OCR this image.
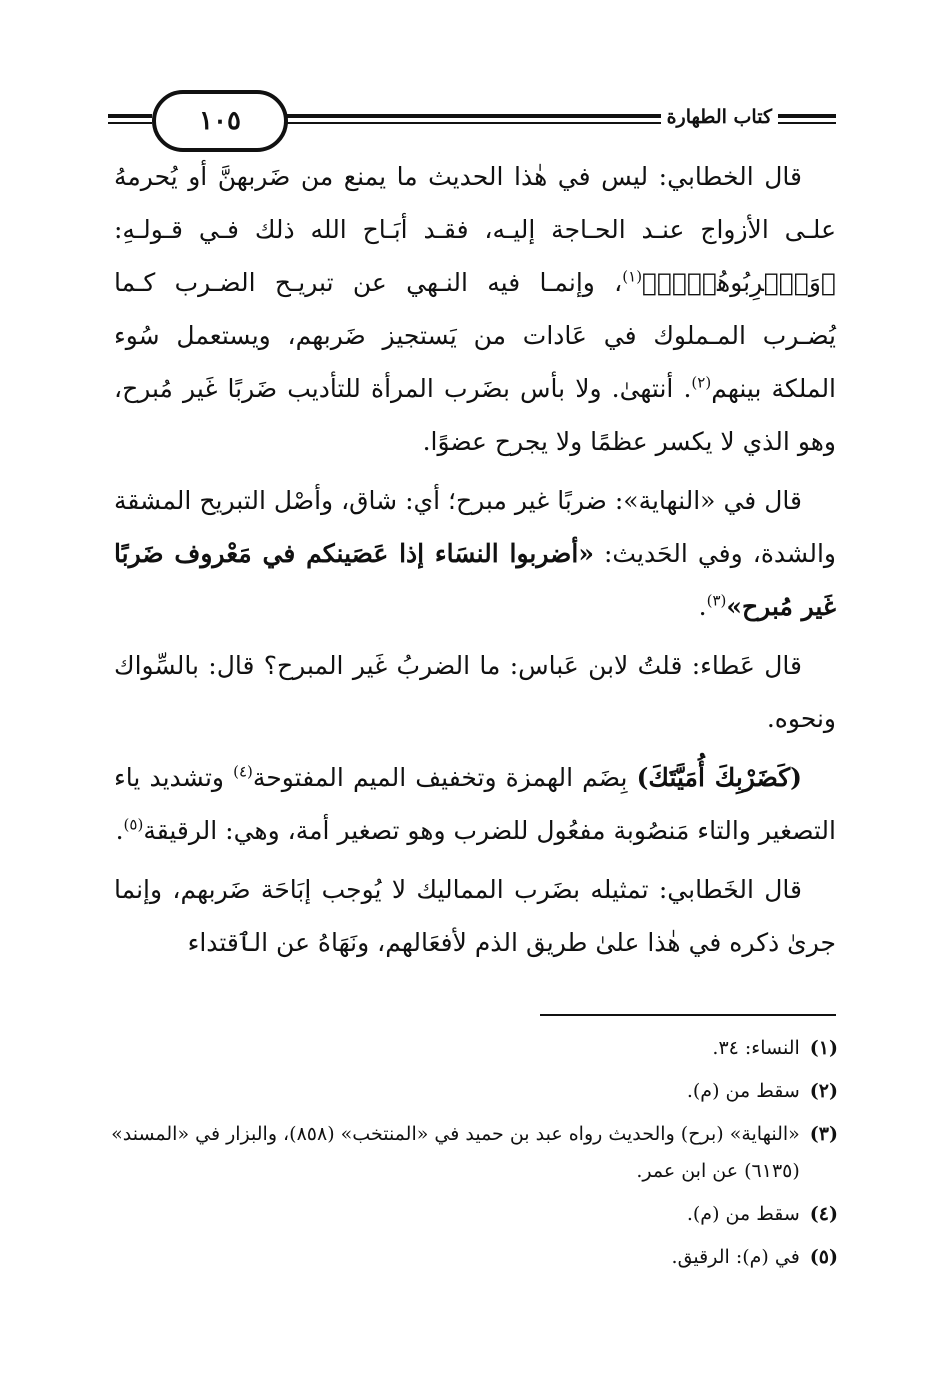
١٠٥	كتاب الطهارة

قال الخطابي: ليس في هٰذا الحديث ما يمنع من ضَربهنَّ أو يُحرمهُ علـى الأزواج عنـد الحـاجة إليـه، فقـد أبَـاح الله ذلك فـي قـولـهِ: ﴿وَٱضۡرِبُوهُنَّۖ﴾$^{(١)}$، وإنمـا فيه النـهي عن تبريـح الضـرب كـما يُضـرب المـملوك في عَادات من يَستجيز ضَربهم، ويستعمل سُوء الملكة بينهم$^{(٢)}$. أنتهىٰ. ولا بأس بضَرب المرأة للتأديب ضَربًا غَير مُبرح، وهو الذي لا يكسر عظمًا ولا يجرح عضوًا.

قال في «النهاية»: ضربًا غير مبرح؛ أي: شاق، وأصْل التبريح المشقة والشدة، وفي الحَديث: «أضربوا النسَاء إذا عَصَينكم في مَعْروف ضَربًا غَير مُبرح»$^{(٣)}$.

قال عَطاء: قلتُ لابن عَباس: ما الضربُ غَير المبرح؟ قال: بالسِّواك ونحوه.

(كَضَرْبِكَ أُمَيَّتَكَ) بِضَم الهمزة وتخفيف الميم المفتوحة$^{(٤)}$ وتشديد ياء التصغير والتاء مَنصُوبة مفعُول للضرب وهو تصغير أمة، وهي: الرقيقة$^{(٥)}$.

قال الخَطابي: تمثيله بضَرب المماليك لا يُوجب إبَاحَة ضَربهم، وإنما جرىٰ ذكره في هٰذا علىٰ طريق الذم لأفعَالهم، ونَهَاهُ عن الٱقتداء

(١)
النساء: ٣٤.
(٢)
سقط من (م).
(٣)
«النهاية» (برح) والحديث رواه عبد بن حميد في «المنتخب» (٨٥٨)، والبزار في «المسند» (٦١٣٥) عن ابن عمر.
(٤)
سقط من (م).
(٥)
في (م): الرقيق.
